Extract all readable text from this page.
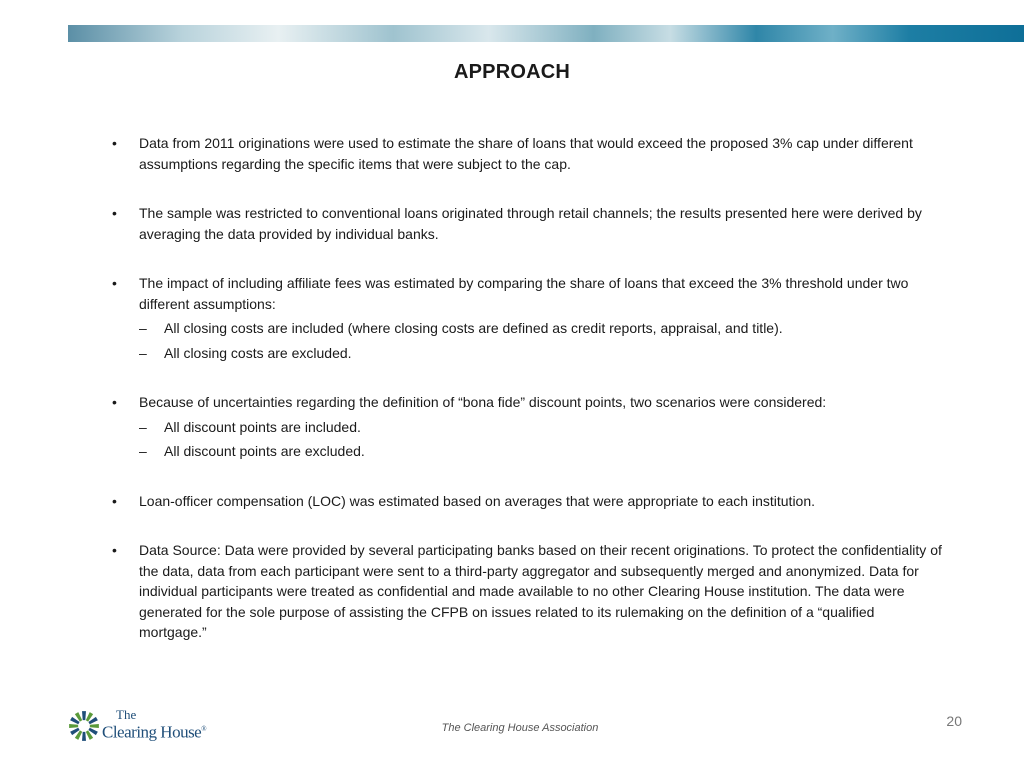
APPROACH
• Data from 2011 originations were used to estimate the share of loans that would exceed the proposed 3% cap under different assumptions regarding the specific items that were subject to the cap.
• The sample was restricted to conventional loans originated through retail channels; the results presented here were derived by averaging the data provided by individual banks.
• The impact of including affiliate fees was estimated by comparing the share of loans that exceed the 3% threshold under two different assumptions:
– All closing costs are included (where closing costs are defined as credit reports, appraisal, and title).
– All closing costs are excluded.
• Because of uncertainties regarding the definition of “bona fide” discount points, two scenarios were considered:
– All discount points are included.
– All discount points are excluded.
• Loan-officer compensation (LOC) was estimated based on averages that were appropriate to each institution.
• Data Source: Data were provided by several participating banks based on their recent originations. To protect the confidentiality of the data, data from each participant were sent to a third-party aggregator and subsequently merged and anonymized. Data for individual participants were treated as confidential and made available to no other Clearing House institution. The data were generated for the sole purpose of assisting the CFPB on issues related to its rulemaking on the definition of a “qualified mortgage.”
The
Clearing House®	The Clearing House Association	20
